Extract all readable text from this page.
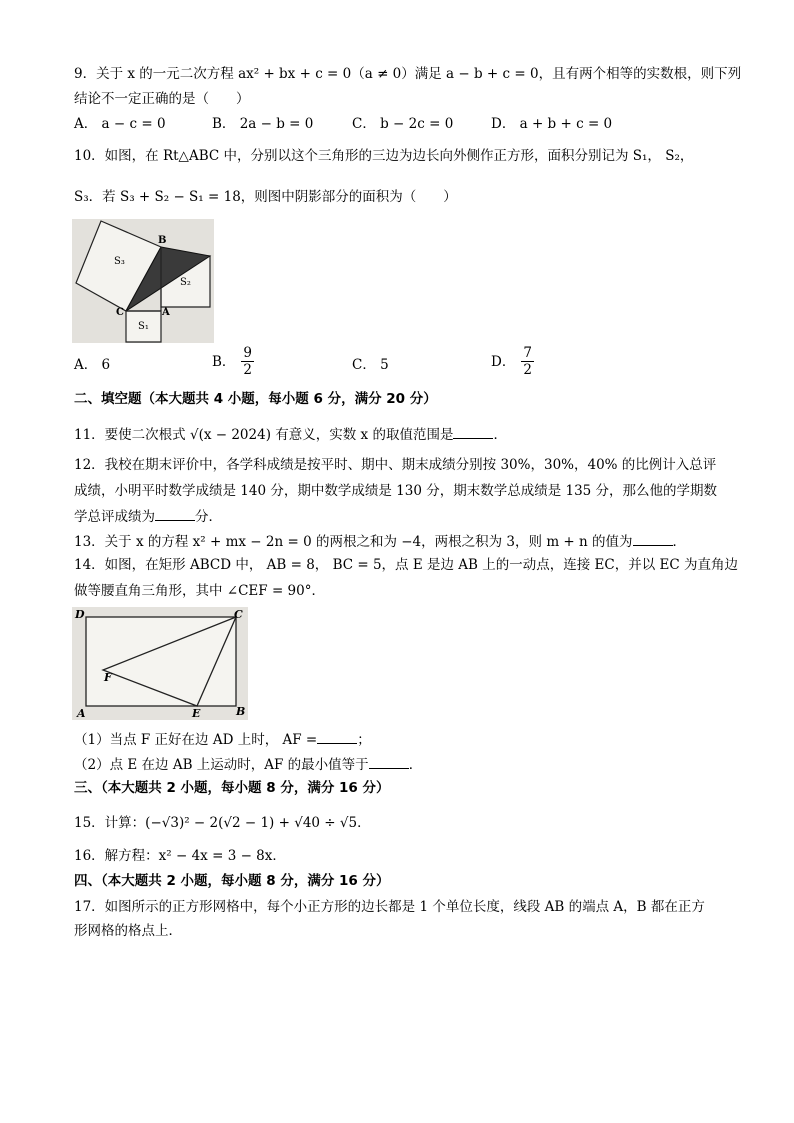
9．关于 x 的一元二次方程 ax² + bx + c = 0（a ≠ 0）满足 a − b + c = 0，且有两个相等的实数根，则下列
结论不一定正确的是（　　）
A． a − c = 0	B． 2a − b = 0	C． b − 2c = 0	D． a + b + c = 0
10．如图，在 Rt△ABC 中，分别以这个三角形的三边为边长向外侧作正方形，面积分别记为 S₁， S₂，
S₃．若 S₃ + S₂ − S₁ = 18，则图中阴影部分的面积为（　　）
S₃
S₂
S₁
B
C	A
A． 6	B． $\frac{9}{2}$	C． 5	D． $\frac{7}{2}$
二、填空题（本大题共 4 小题，每小题 6 分，满分 20 分）
11．要使二次根式 √(x − 2024) 有意义，实数 x 的取值范围是	．
12．我校在期末评价中，各学科成绩是按平时、期中、期末成绩分别按 30%，30%，40% 的比例计入总评
成绩，小明平时数学成绩是 140 分，期中数学成绩是 130 分，期末数学总成绩是 135 分，那么他的学期数
学总评成绩为	分．
13．关于 x 的方程 x² + mx − 2n = 0 的两根之和为 −4，两根之积为 3，则 m + n 的值为	．
14．如图，在矩形 ABCD 中， AB = 8， BC = 5，点 E 是边 AB 上的一动点，连接 EC，并以 EC 为直角边
做等腰直角三角形，其中 ∠CEF = 90°．
D	C
F
A	E	B
（1）当点 F 正好在边 AD 上时， AF =	；
（2）点 E 在边 AB 上运动时，AF 的最小值等于	．
三、（本大题共 2 小题，每小题 8 分，满分 16 分）
15．计算：(−√3)² − 2(√2 − 1) + √40 ÷ √5．
16．解方程：x² − 4x = 3 − 8x．
四、（本大题共 2 小题，每小题 8 分，满分 16 分）
17．如图所示的正方形网格中，每个小正方形的边长都是 1 个单位长度，线段 AB 的端点 A，B 都在正方
形网格的格点上．
